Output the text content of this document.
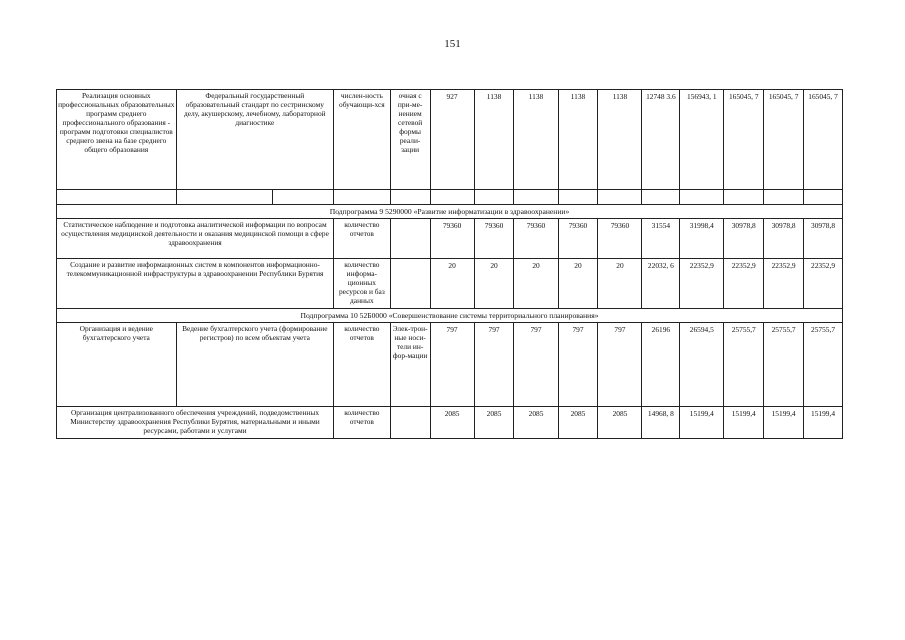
151
Реализация основных профессиональных образовательных программ среднего профессионального образования - программ подготовки специалистов среднего звена на базе среднего общего образования	Федеральный государственный образовательный стандарт по сестринскому делу, акушерскому, лечебному, лабораторной диагностике		числен-ность обучающи-хся	очная с при-ме-нением сетевой формы реали-зации	927	1138	1138	1138	1138	12748 3.6	156943, 1	165045, 7	165045, 7	165045, 7

Подпрограмма 9 5290000 «Развитие информатизации в здравоохранении»														
Статистическое наблюдение и подготовка аналитической информации по вопросам осуществления медицинской деятельности и оказания медицинской помощи в сфере здравоохранения			количество отчетов		79360	79360	79360	79360	79360	31554	31998,4	30978,8	30978,8	30978,8
Создание и развитие информационных систем в компонентов информационно-телекоммуникационной инфраструктуры в здравоохранении Республики Бурятия			количество информа-ционных ресурсов и баз данных		20	20	20	20	20	22032, 6	22352,9	22352,9	22352,9	22352,9
Подпрограмма 10 52Б0000 «Совершенствование системы территориального планирования»														
Организация и ведение бухгалтерского учета	Ведение бухгалтерского учета (формирование регистров) по всем объектам учета		количество отчетов	Элек-трон-ные носи-тели ин-фор-мации	797	797	797	797	797	26196	26594,5	25755,7	25755,7	25755,7
Организация централизованного обеспечения учреждений, подведомственных Министерству здравоохранения Республики Бурятия, материальными и иными ресурсами, работами и услугами			количество отчетов		2085	2085	2085	2085	2085	14968, 8	15199,4	15199,4	15199,4	15199,4
